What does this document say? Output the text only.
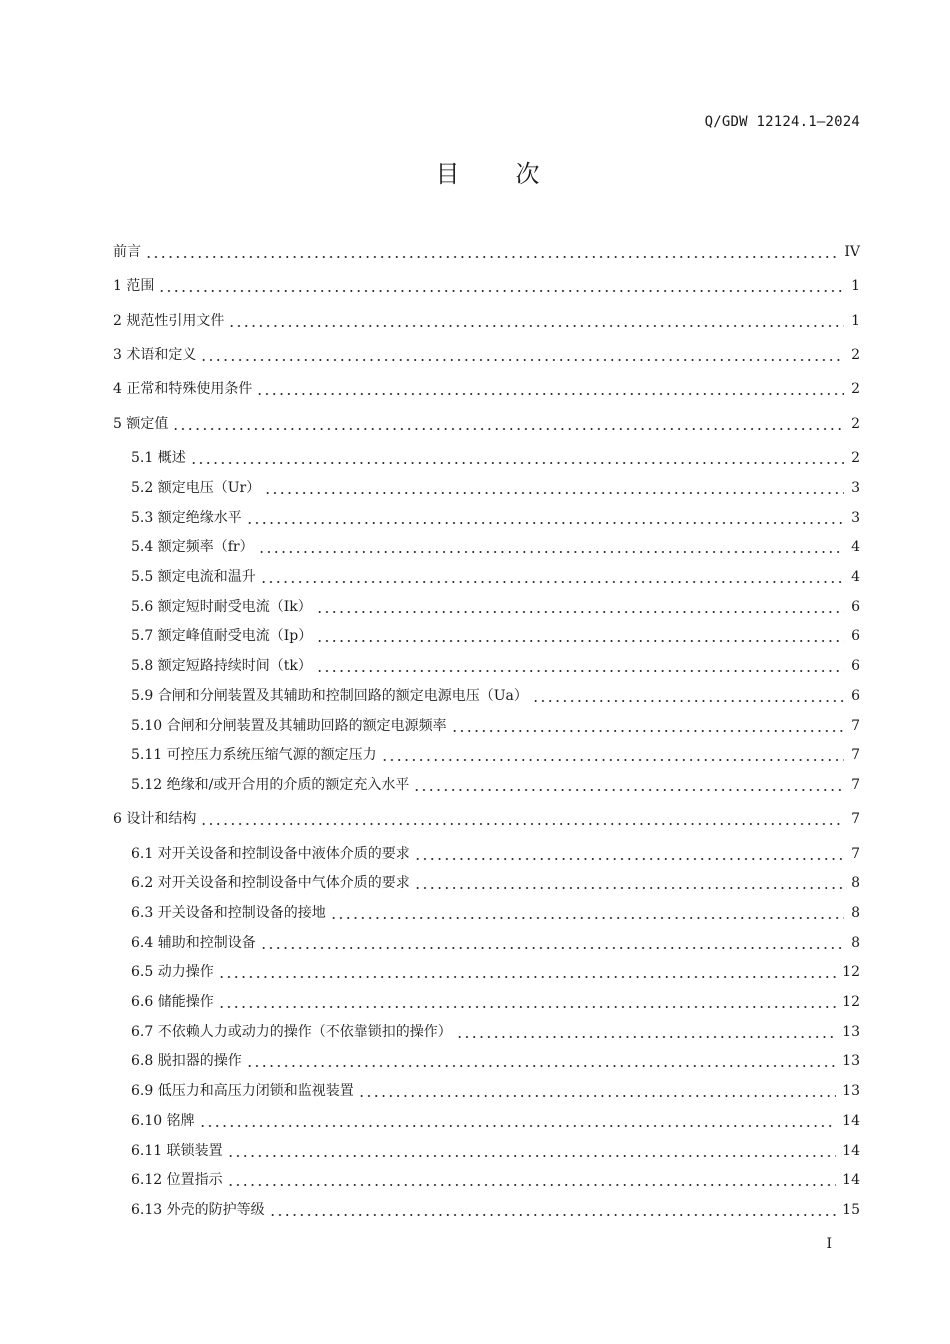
Q/GDW 12124.1—2024
目 次
前言	IV
1 范围	1
2 规范性引用文件	1
3 术语和定义	2
4 正常和特殊使用条件	2
5 额定值	2
5.1 概述	2
5.2 额定电压（Ur）	3
5.3 额定绝缘水平	3
5.4 额定频率（fr）	4
5.5 额定电流和温升	4
5.6 额定短时耐受电流（Ik）	6
5.7 额定峰值耐受电流（Ip）	6
5.8 额定短路持续时间（tk）	6
5.9 合闸和分闸装置及其辅助和控制回路的额定电源电压（Ua）	6
5.10 合闸和分闸装置及其辅助回路的额定电源频率	7
5.11 可控压力系统压缩气源的额定压力	7
5.12 绝缘和/或开合用的介质的额定充入水平	7
6 设计和结构	7
6.1 对开关设备和控制设备中液体介质的要求	7
6.2 对开关设备和控制设备中气体介质的要求	8
6.3 开关设备和控制设备的接地	8
6.4 辅助和控制设备	8
6.5 动力操作	12
6.6 储能操作	12
6.7 不依赖人力或动力的操作（不依靠锁扣的操作）	13
6.8 脱扣器的操作	13
6.9 低压力和高压力闭锁和监视装置	13
6.10 铭牌	14
6.11 联锁装置	14
6.12 位置指示	14
6.13 外壳的防护等级	15
I
